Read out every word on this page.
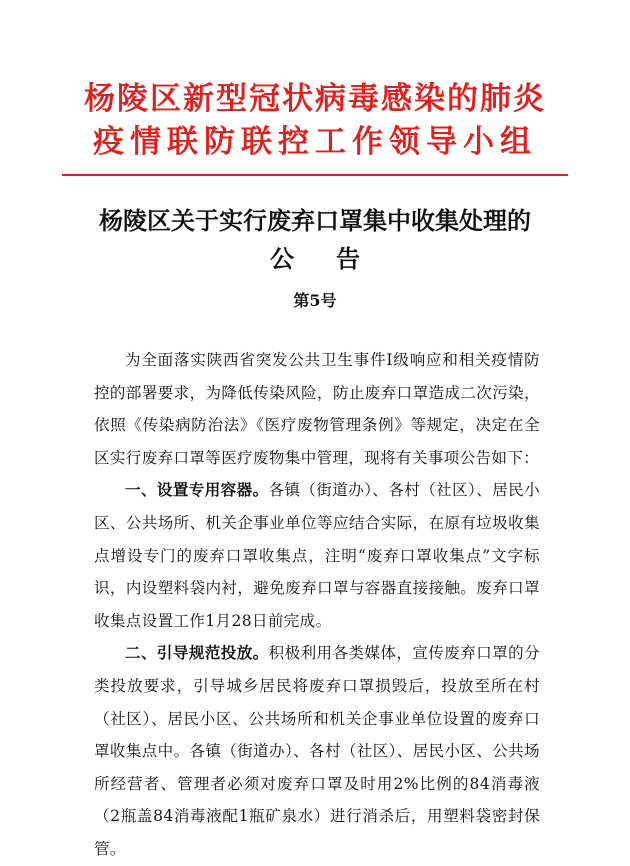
杨陵区新型冠状病毒感染的肺炎
疫情联防联控工作领导小组
杨陵区关于实行废弃口罩集中收集处理的
公告
第5号

为全面落实陕西省突发公共卫生事件Ⅰ级响应和相关疫情防控的部署要求，为降低传染风险，防止废弃口罩造成二次污染，依照《传染病防治法》《医疗废物管理条例》等规定，决定在全区实行废弃口罩等医疗废物集中管理，现将有关事项公告如下：

一、设置专用容器。各镇（街道办）、各村（社区）、居民小区、公共场所、机关企事业单位等应结合实际，在原有垃圾收集点增设专门的废弃口罩收集点，注明“废弃口罩收集点”文字标识，内设塑料袋内衬，避免废弃口罩与容器直接接触。废弃口罩收集点设置工作1月28日前完成。

二、引导规范投放。积极利用各类媒体，宣传废弃口罩的分类投放要求，引导城乡居民将废弃口罩损毁后，投放至所在村（社区）、居民小区、公共场所和机关企事业单位设置的废弃口罩收集点中。各镇（街道办）、各村（社区）、居民小区、公共场所经营者、管理者必须对废弃口罩及时用2%比例的84消毒液（2瓶盖84消毒液配1瓶矿泉水）进行消杀后，用塑料袋密封保管。
